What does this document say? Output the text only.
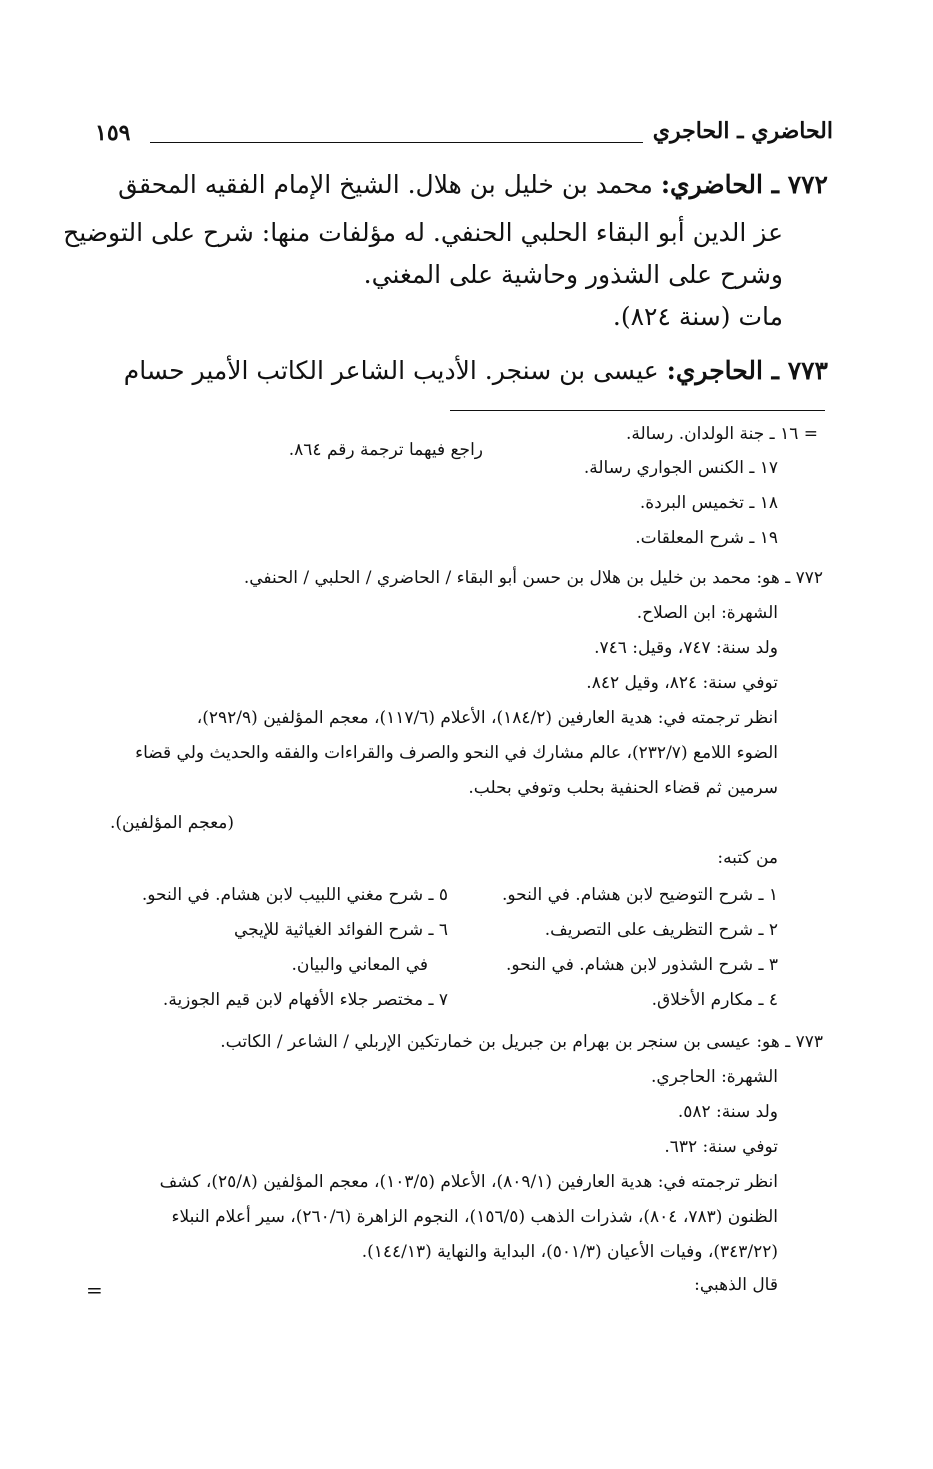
الحاضري ـ الحاجري
١٥٩
٧٧٢ ـ الحاضري: محمد بن خليل بن هلال. الشيخ الإمام الفقيه المحقق
عز الدين أبو البقاء الحلبي الحنفي. له مؤلفات منها: شرح على التوضيح
وشرح على الشذور وحاشية على المغني.
مات (سنة ٨٢٤).
٧٧٣ ـ الحاجري: عيسى بن سنجر. الأديب الشاعر الكاتب الأمير حسام
= ١٦ ـ جنة الولدان. رسالة.
راجع فيهما ترجمة رقم ٨٦٤.
١٧ ـ الكنس الجواري رسالة.
١٨ ـ تخميس البردة.
١٩ ـ شرح المعلقات.
٧٧٢ ـ هو: محمد بن خليل بن هلال بن حسن أبو البقاء / الحاضري / الحلبي / الحنفي.
الشهرة: ابن الصلاح.
ولد سنة: ٧٤٧، وقيل: ٧٤٦.
توفي سنة: ٨٢٤، وقيل ٨٤٢.
انظر ترجمته في: هدية العارفين (١٨٤/٢)، الأعلام (١١٧/٦)، معجم المؤلفين (٢٩٢/٩)،
الضوء اللامع (٢٣٢/٧)، عالم مشارك في النحو والصرف والقراءات والفقه والحديث ولي قضاء
سرمين ثم قضاء الحنفية بحلب وتوفي بحلب.
(معجم المؤلفين).
من كتبه:
١ ـ شرح التوضيح لابن هشام. في النحو.
٢ ـ شرح التظريف على التصريف.
٣ ـ شرح الشذور لابن هشام. في النحو.
٤ ـ مكارم الأخلاق.
٥ ـ شرح مغني اللبيب لابن هشام. في النحو.
٦ ـ شرح الفوائد الغياثية للإيجي
في المعاني والبيان.
٧ ـ مختصر جلاء الأفهام لابن قيم الجوزية.
٧٧٣ ـ هو: عيسى بن سنجر بن بهرام بن جبريل بن خمارتكين الإربلي / الشاعر / الكاتب.
الشهرة: الحاجري.
ولد سنة: ٥٨٢.
توفي سنة: ٦٣٢.
انظر ترجمته في: هدية العارفين (٨٠٩/١)، الأعلام (١٠٣/٥)، معجم المؤلفين (٢٥/٨)، كشف
الظنون (٧٨٣، ٨٠٤)، شذرات الذهب (١٥٦/٥)، النجوم الزاهرة (٢٦٠/٦)، سير أعلام النبلاء
(٣٤٣/٢٢)، وفيات الأعيان (٥٠١/٣)، البداية والنهاية (١٤٤/١٣).
قال الذهبي:
=
